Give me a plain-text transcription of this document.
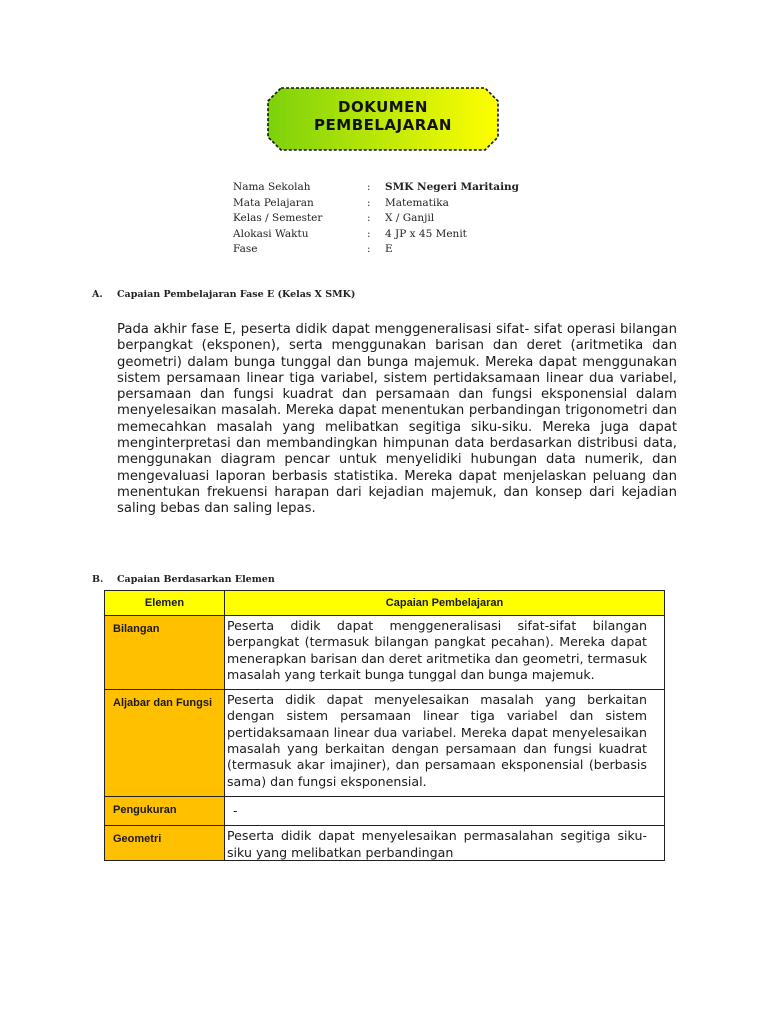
DOKUMEN
PEMBELAJARAN
Nama Sekolah	:	SMK Negeri Maritaing
Mata Pelajaran	:	Matematika
Kelas / Semester	:	X / Ganjil
Alokasi Waktu	:	4 JP x 45 Menit
Fase	:	E
A. Capaian Pembelajaran Fase E (Kelas X SMK)
Pada akhir fase E, peserta didik dapat menggeneralisasi sifat- sifat operasi bilangan berpangkat (eksponen), serta menggunakan barisan dan deret (aritmetika dan geometri) dalam bunga tunggal dan bunga majemuk. Mereka dapat menggunakan sistem persamaan linear tiga variabel, sistem pertidaksamaan linear dua variabel, persamaan dan fungsi kuadrat dan persamaan dan fungsi eksponensial dalam menyelesaikan masalah. Mereka dapat menentukan perbandingan trigonometri dan memecahkan masalah yang melibatkan segitiga siku-siku. Mereka juga dapat menginterpretasi dan membandingkan himpunan data berdasarkan distribusi data, menggunakan diagram pencar untuk menyelidiki hubungan data numerik, dan mengevaluasi laporan berbasis statistika. Mereka dapat menjelaskan peluang dan menentukan frekuensi harapan dari kejadian majemuk, dan konsep dari kejadian saling bebas dan saling lepas.
B. Capaian Berdasarkan Elemen
Elemen	Capaian Pembelajaran
Bilangan	Peserta didik dapat menggeneralisasi sifat-sifat bilangan berpangkat (termasuk bilangan pangkat pecahan). Mereka dapat menerapkan barisan dan deret aritmetika dan geometri, termasuk masalah yang terkait bunga tunggal dan bunga majemuk.
Aljabar dan Fungsi	Peserta didik dapat menyelesaikan masalah yang berkaitan dengan sistem persamaan linear tiga variabel dan sistem pertidaksamaan linear dua variabel. Mereka dapat menyelesaikan masalah yang berkaitan dengan persamaan dan fungsi kuadrat (termasuk akar imajiner), dan persamaan eksponensial (berbasis sama) dan fungsi eksponensial.
Pengukuran	-
Geometri	Peserta didik dapat menyelesaikan permasalahan segitiga siku-siku yang melibatkan perbandingan
